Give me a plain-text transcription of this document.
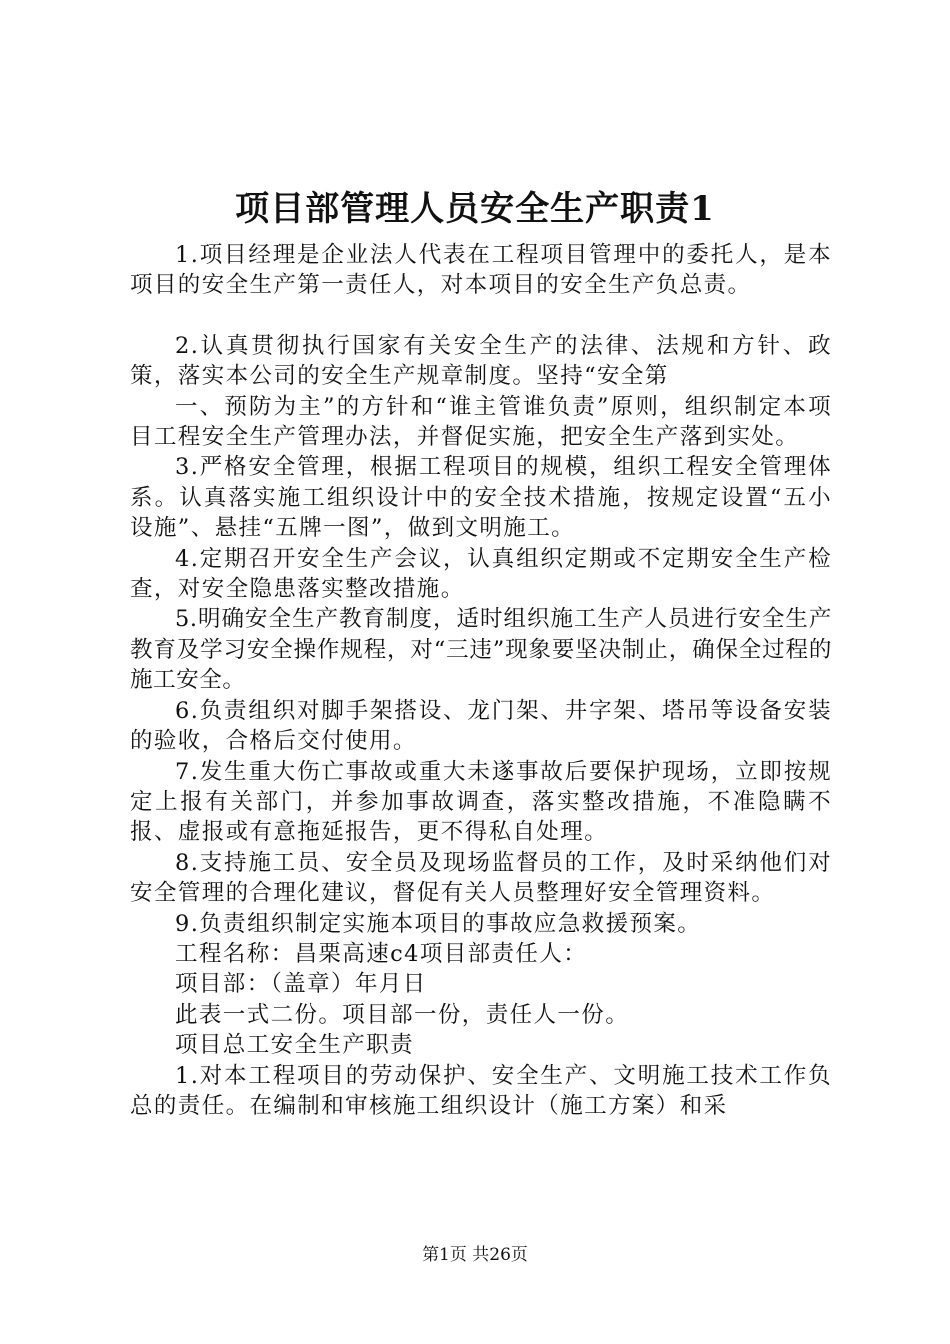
项目部管理人员安全生产职责1

1.项目经理是企业法人代表在工程项目管理中的委托人，是本项目的安全生产第一责任人，对本项目的安全生产负总责。

2.认真贯彻执行国家有关安全生产的法律、法规和方针、政策，落实本公司的安全生产规章制度。坚持“安全第

一、预防为主”的方针和“谁主管谁负责”原则，组织制定本项目工程安全生产管理办法，并督促实施，把安全生产落到实处。

3.严格安全管理，根据工程项目的规模，组织工程安全管理体系。认真落实施工组织设计中的安全技术措施，按规定设置“五小设施”、悬挂“五牌一图”，做到文明施工。

4.定期召开安全生产会议，认真组织定期或不定期安全生产检查，对安全隐患落实整改措施。

5.明确安全生产教育制度，适时组织施工生产人员进行安全生产教育及学习安全操作规程，对“三违”现象要坚决制止，确保全过程的施工安全。

6.负责组织对脚手架搭设、龙门架、井字架、塔吊等设备安装的验收，合格后交付使用。

7.发生重大伤亡事故或重大未遂事故后要保护现场，立即按规定上报有关部门，并参加事故调查，落实整改措施，不准隐瞒不报、虚报或有意拖延报告，更不得私自处理。

8.支持施工员、安全员及现场监督员的工作，及时采纳他们对安全管理的合理化建议，督促有关人员整理好安全管理资料。

9.负责组织制定实施本项目的事故应急救援预案。

工程名称：昌栗高速c4项目部责任人：

项目部：（盖章）年月日

此表一式二份。项目部一份，责任人一份。

项目总工安全生产职责

1.对本工程项目的劳动保护、安全生产、文明施工技术工作负总的责任。在编制和审核施工组织设计（施工方案）和采

第1页 共26页
